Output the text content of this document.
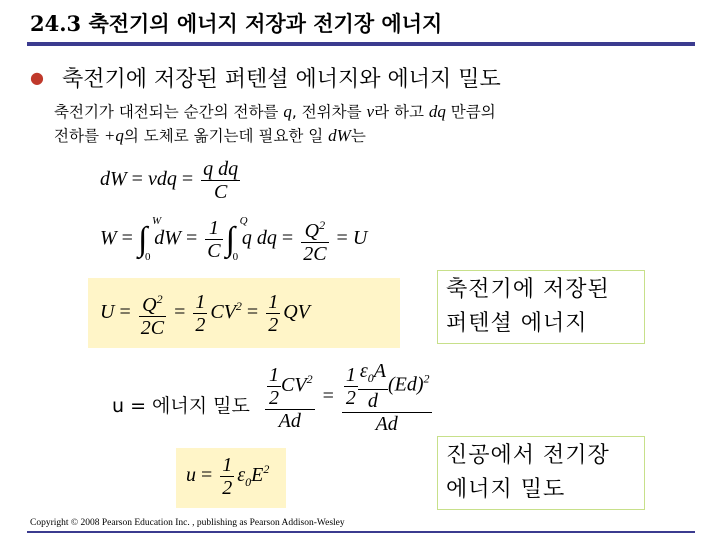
24.3 축전기의 에너지 저장과 전기장 에너지
● 축전기에 저장된 퍼텐셜 에너지와 에너지 밀도
축전기가 대전되는 순간의 전하를 q, 전위차를 v라 하고 dq 만큼의
전하를 +q의 도체로 옮기는데 필요한 일 dW는
dW = vdq = $\frac{\text{q dq}}{C}$
W = ∫ W
0
dW = $\frac{1}{C}$ ∫ Q
0
q dq = $\frac{Q^2}{2C} = U$
$U = \frac{Q^2}{2C} = \frac{1}{2} CV^2 = \frac{1}{2}$ QV
u = 에너지 밀도 $\frac{\frac{1}{2} CV^2}{Ad} = \frac{\frac{1}{2} \frac{\varepsilon_0A}{d} (Ed)^2}{Ad}$
$u = \frac{1}{2} \varepsilon_0E^2$
축전기에 저장된 퍼텐셜 에너지
진공에서 전기장 에너지 밀도
Copyright © 2008 Pearson Education Inc. , publishing as Pearson Addison-Wesley
